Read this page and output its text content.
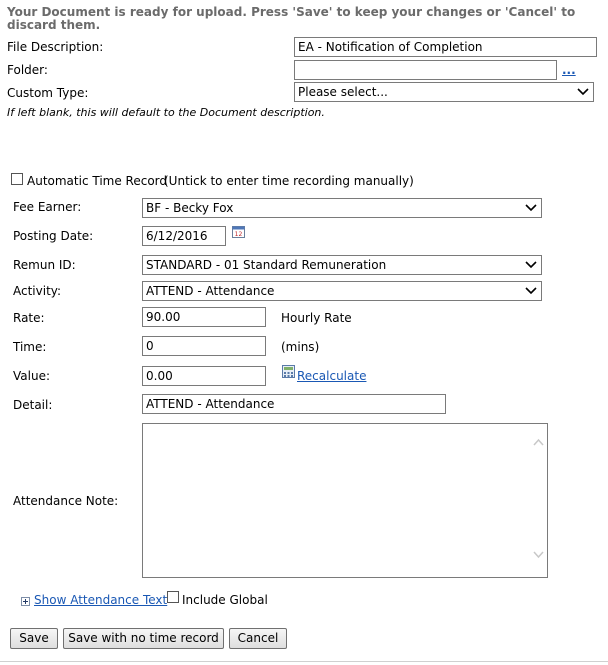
Your Document is ready for upload. Press 'Save' to keep your changes or 'Cancel' to discard them.
File Description:	EA - Notification of Completion
Folder:	...
Custom Type:	Please select...
If left blank, this will default to the Document description.
Automatic Time Record
(Untick to enter time recording manually)
Fee Earner:	BF - Becky Fox
Posting Date:	6/12/2016	12
Remun ID:	STANDARD - 01 Standard Remuneration
Activity:	ATTEND - Attendance
Rate:	90.00	Hourly Rate
Time:	0	(mins)
Value:	0.00	Recalculate
Detail:	ATTEND - Attendance
Attendance Note:
Show Attendance Text Include Global
Save	Save with no time record	Cancel
